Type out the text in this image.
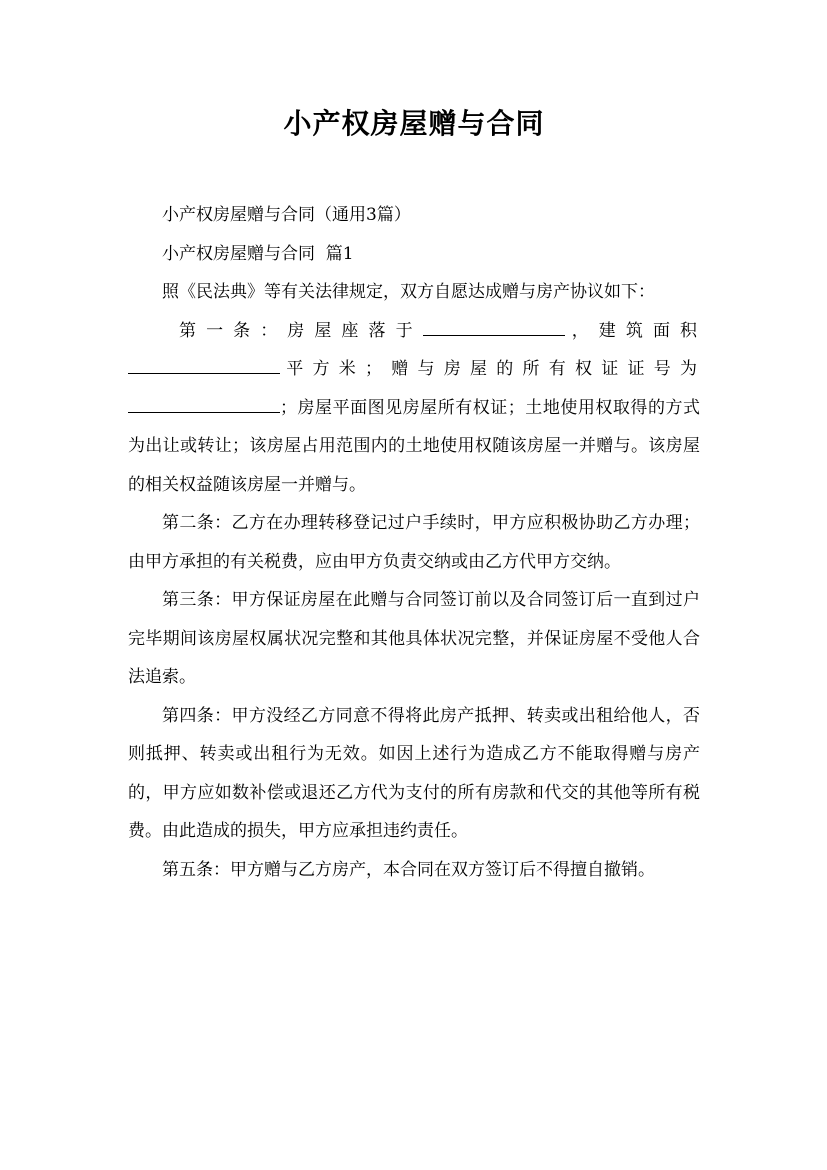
小产权房屋赠与合同

小产权房屋赠与合同（通用3篇）

小产权房屋赠与合同  篇1

照《民法典》等有关法律规定，双方自愿达成赠与房产协议如下：

第一条：房屋座落于	，建筑面积平方米；赠与房屋的所有权证证号为；房屋平面图见房屋所有权证；土地使用权取得的方式为出让或转让；该房屋占用范围内的土地使用权随该房屋一并赠与。该房屋的相关权益随该房屋一并赠与。

第二条：乙方在办理转移登记过户手续时，甲方应积极协助乙方办理；由甲方承担的有关税费，应由甲方负责交纳或由乙方代甲方交纳。

第三条：甲方保证房屋在此赠与合同签订前以及合同签订后一直到过户完毕期间该房屋权属状况完整和其他具体状况完整，并保证房屋不受他人合法追索。

第四条：甲方没经乙方同意不得将此房产抵押、转卖或出租给他人，否则抵押、转卖或出租行为无效。如因上述行为造成乙方不能取得赠与房产的，甲方应如数补偿或退还乙方代为支付的所有房款和代交的其他等所有税费。由此造成的损失，甲方应承担违约责任。

第五条：甲方赠与乙方房产，本合同在双方签订后不得擅自撤销。
